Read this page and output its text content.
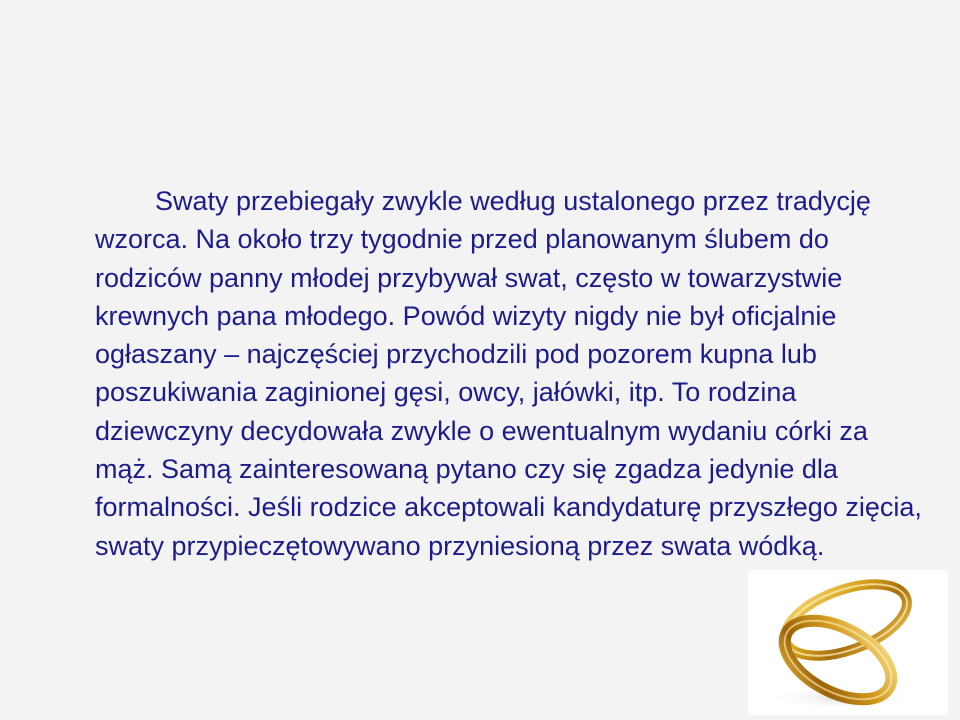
Swaty przebiegały zwykle według ustalonego przez tradycję
wzorca. Na około trzy tygodnie przed planowanym ślubem do
rodziców panny młodej przybywał swat, często w towarzystwie
krewnych pana młodego. Powód wizyty nigdy nie był oficjalnie
ogłaszany – najczęściej przychodzili pod pozorem kupna lub
poszukiwania zaginionej gęsi, owcy, jałówki, itp. To rodzina
dziewczyny decydowała zwykle o ewentualnym wydaniu córki za
mąż. Samą zainteresowaną pytano czy się zgadza jedynie dla
formalności. Jeśli rodzice akceptowali kandydaturę przyszłego zięcia,
swaty przypieczętowywano przyniesioną przez swata wódką.
